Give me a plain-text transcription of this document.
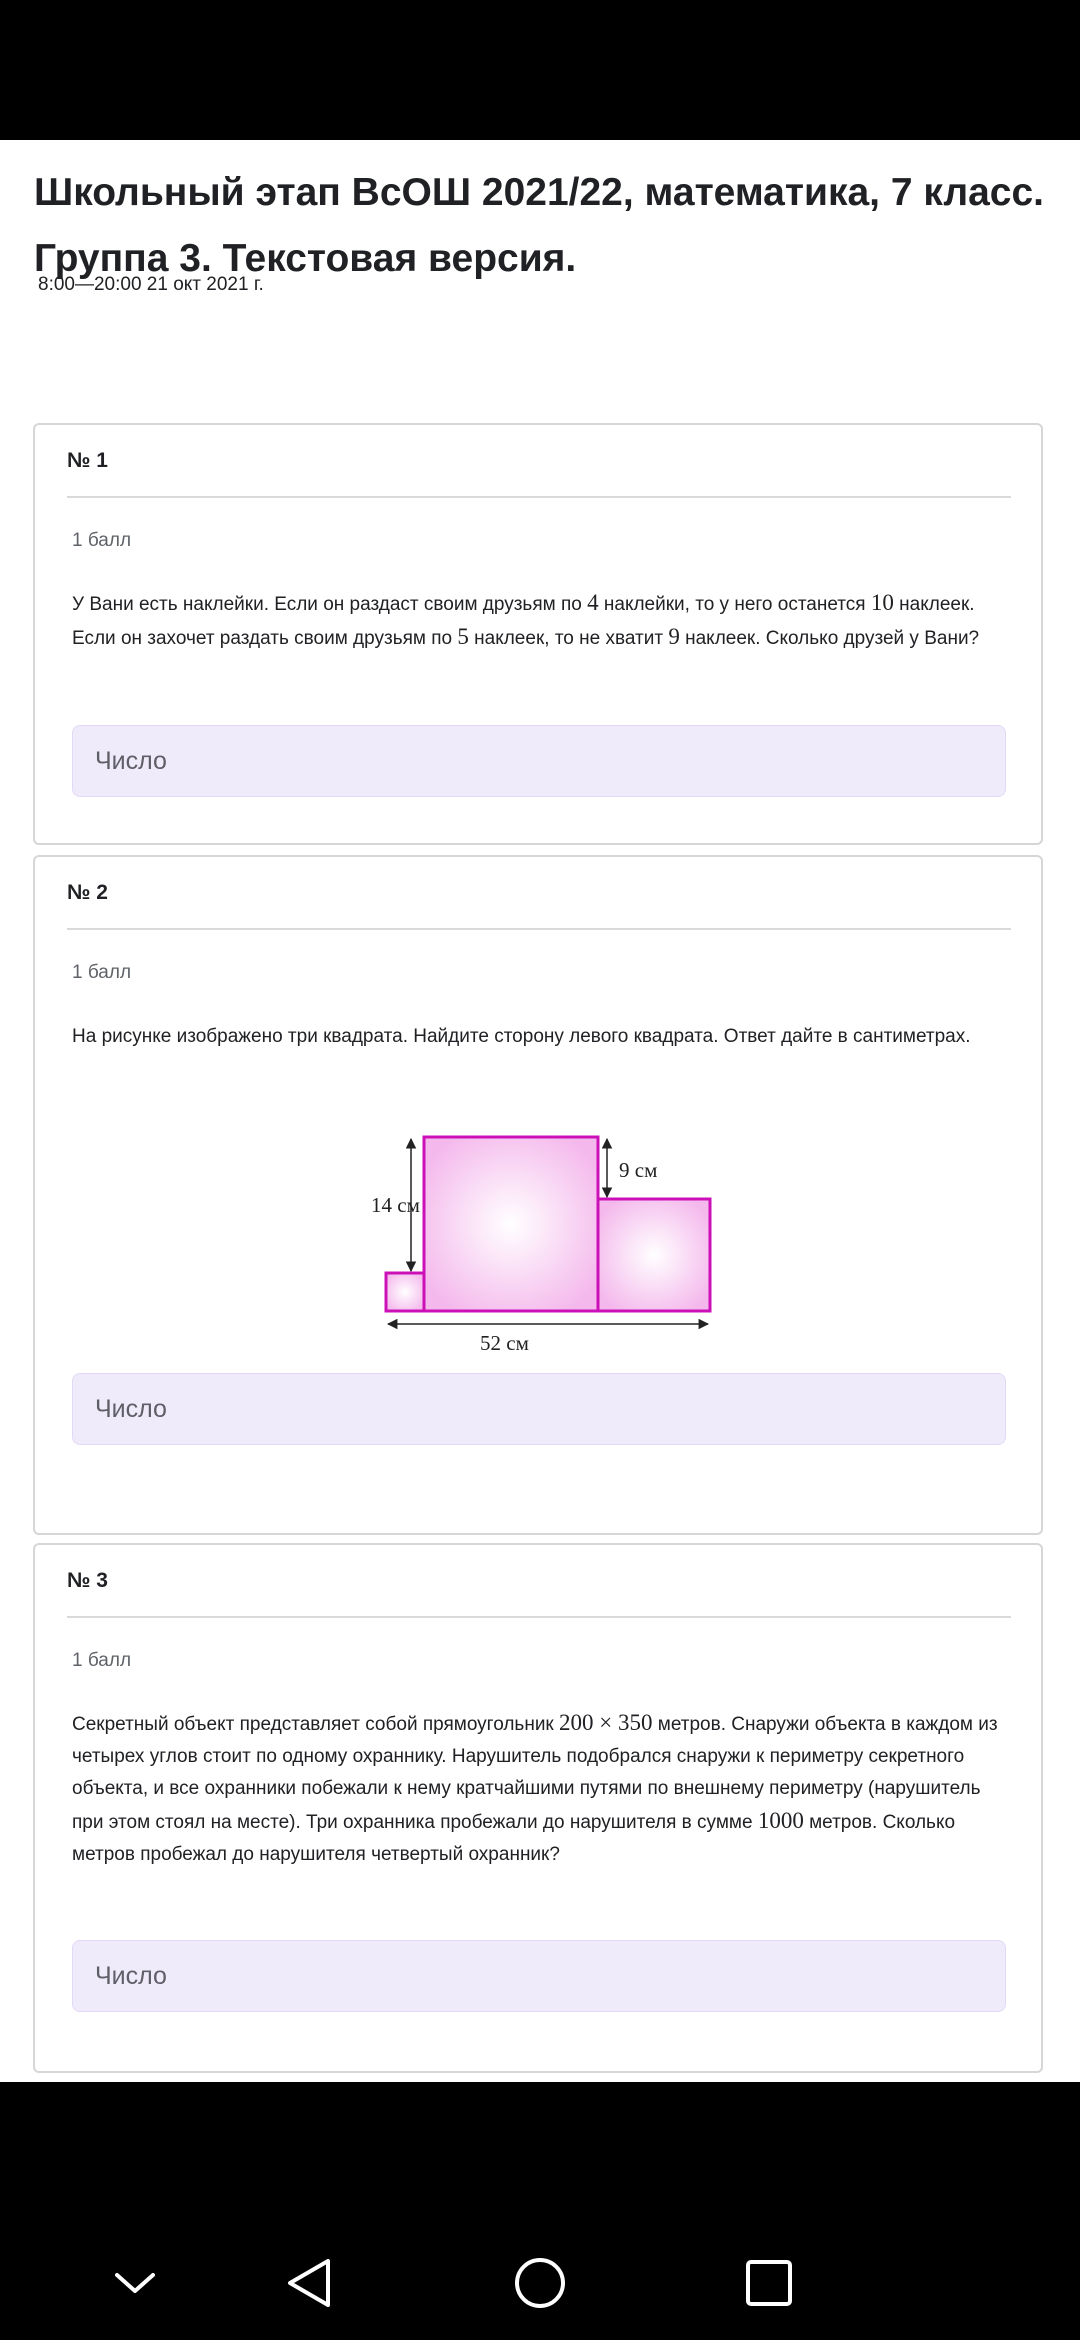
Школьный этап ВсОШ 2021/22, математика, 7 класс. Группа 3. Текстовая версия.
8:00—20:00 21 окт 2021 г.
№ 1
1 балл

У Вани есть наклейки. Если он раздаст своим друзьям по 4 наклейки, то у него останется 10 наклеек. Если он захочет раздать своим друзьям по 5 наклеек, то не хватит 9 наклеек. Сколько друзей у Вани?

Число
№ 2
1 балл

На рисунке изображено три квадрата. Найдите сторону левого квадрата. Ответ дайте в сантиметрах.

14 см
9 см
52 см
Число
№ 3
1 балл

Секретный объект представляет собой прямоугольник 200 × 350 метров. Снаружи объекта в каждом из четырех углов стоит по одному охраннику. Нарушитель подобрался снаружи к периметру секретного объекта, и все охранники побежали к нему кратчайшими путями по внешнему периметру (нарушитель при этом стоял на месте). Три охранника пробежали до нарушителя в сумме 1000 метров. Сколько метров пробежал до нарушителя четвертый охранник?

Число
